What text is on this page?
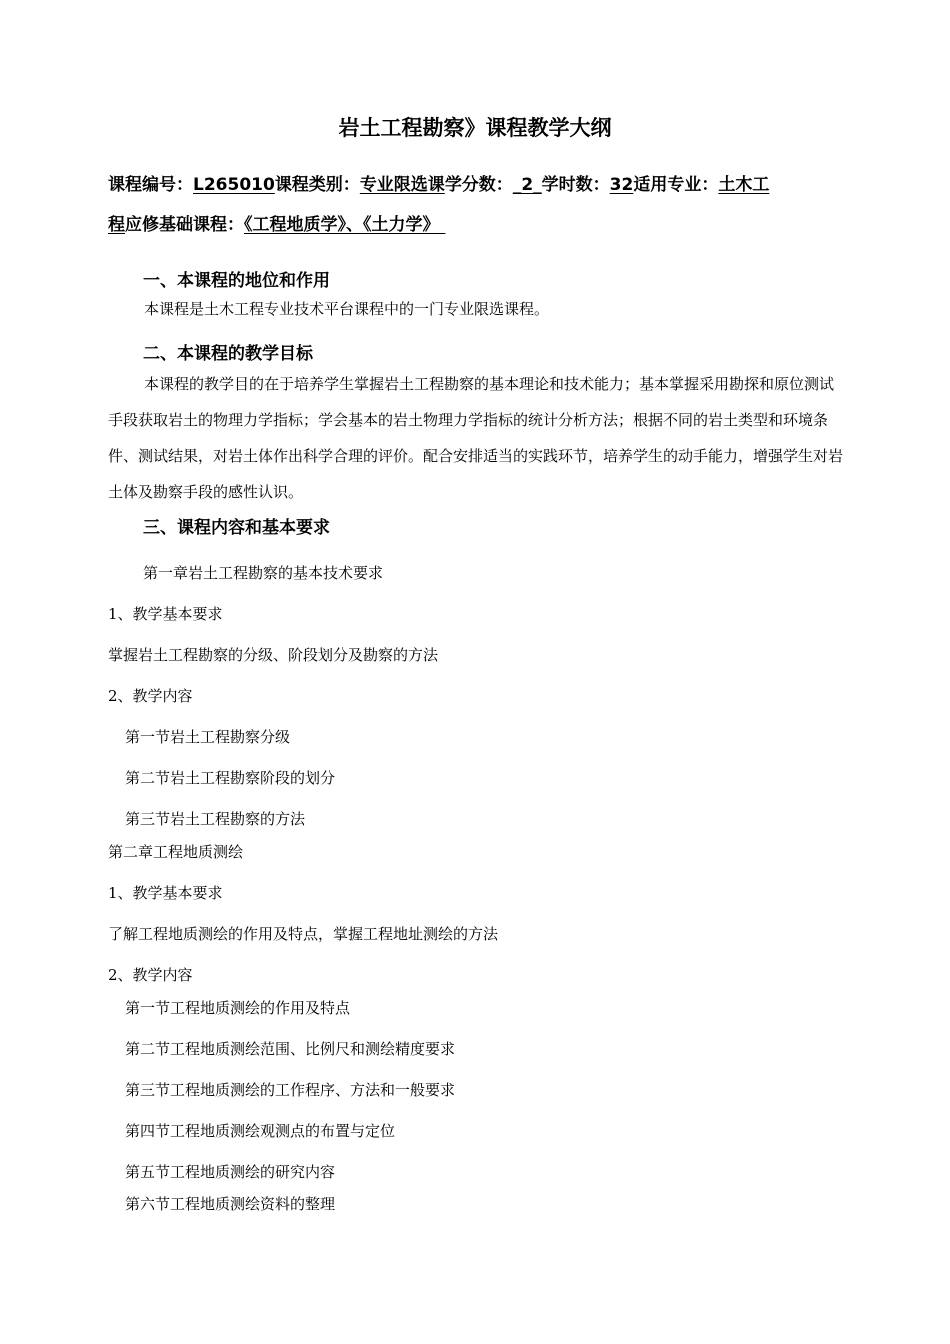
岩土工程勘察》课程教学大纲
课程编号：L265010课程类别：专业限选课学分数：_2_学时数：32适用专业：土木工
程应修基础课程：《工程地质学》、《土力学》
一、本课程的地位和作用
本课程是土木工程专业技术平台课程中的一门专业限选课程。
二、本课程的教学目标
本课程的教学目的在于培养学生掌握岩土工程勘察的基本理论和技术能力；基本掌握采用勘探和原位测试手段获取岩土的物理力学指标；学会基本的岩土物理力学指标的统计分析方法；根据不同的岩土类型和环境条件、测试结果，对岩土体作出科学合理的评价。配合安排适当的实践环节，培养学生的动手能力，增强学生对岩土体及勘察手段的感性认识。
三、课程内容和基本要求
第一章岩土工程勘察的基本技术要求
1、教学基本要求
掌握岩土工程勘察的分级、阶段划分及勘察的方法
2、教学内容
第一节岩土工程勘察分级
第二节岩土工程勘察阶段的划分
第三节岩土工程勘察的方法
第二章工程地质测绘
1、教学基本要求
了解工程地质测绘的作用及特点，掌握工程地址测绘的方法
2、教学内容
第一节工程地质测绘的作用及特点
第二节工程地质测绘范围、比例尺和测绘精度要求
第三节工程地质测绘的工作程序、方法和一般要求
第四节工程地质测绘观测点的布置与定位
第五节工程地质测绘的研究内容
第六节工程地质测绘资料的整理
